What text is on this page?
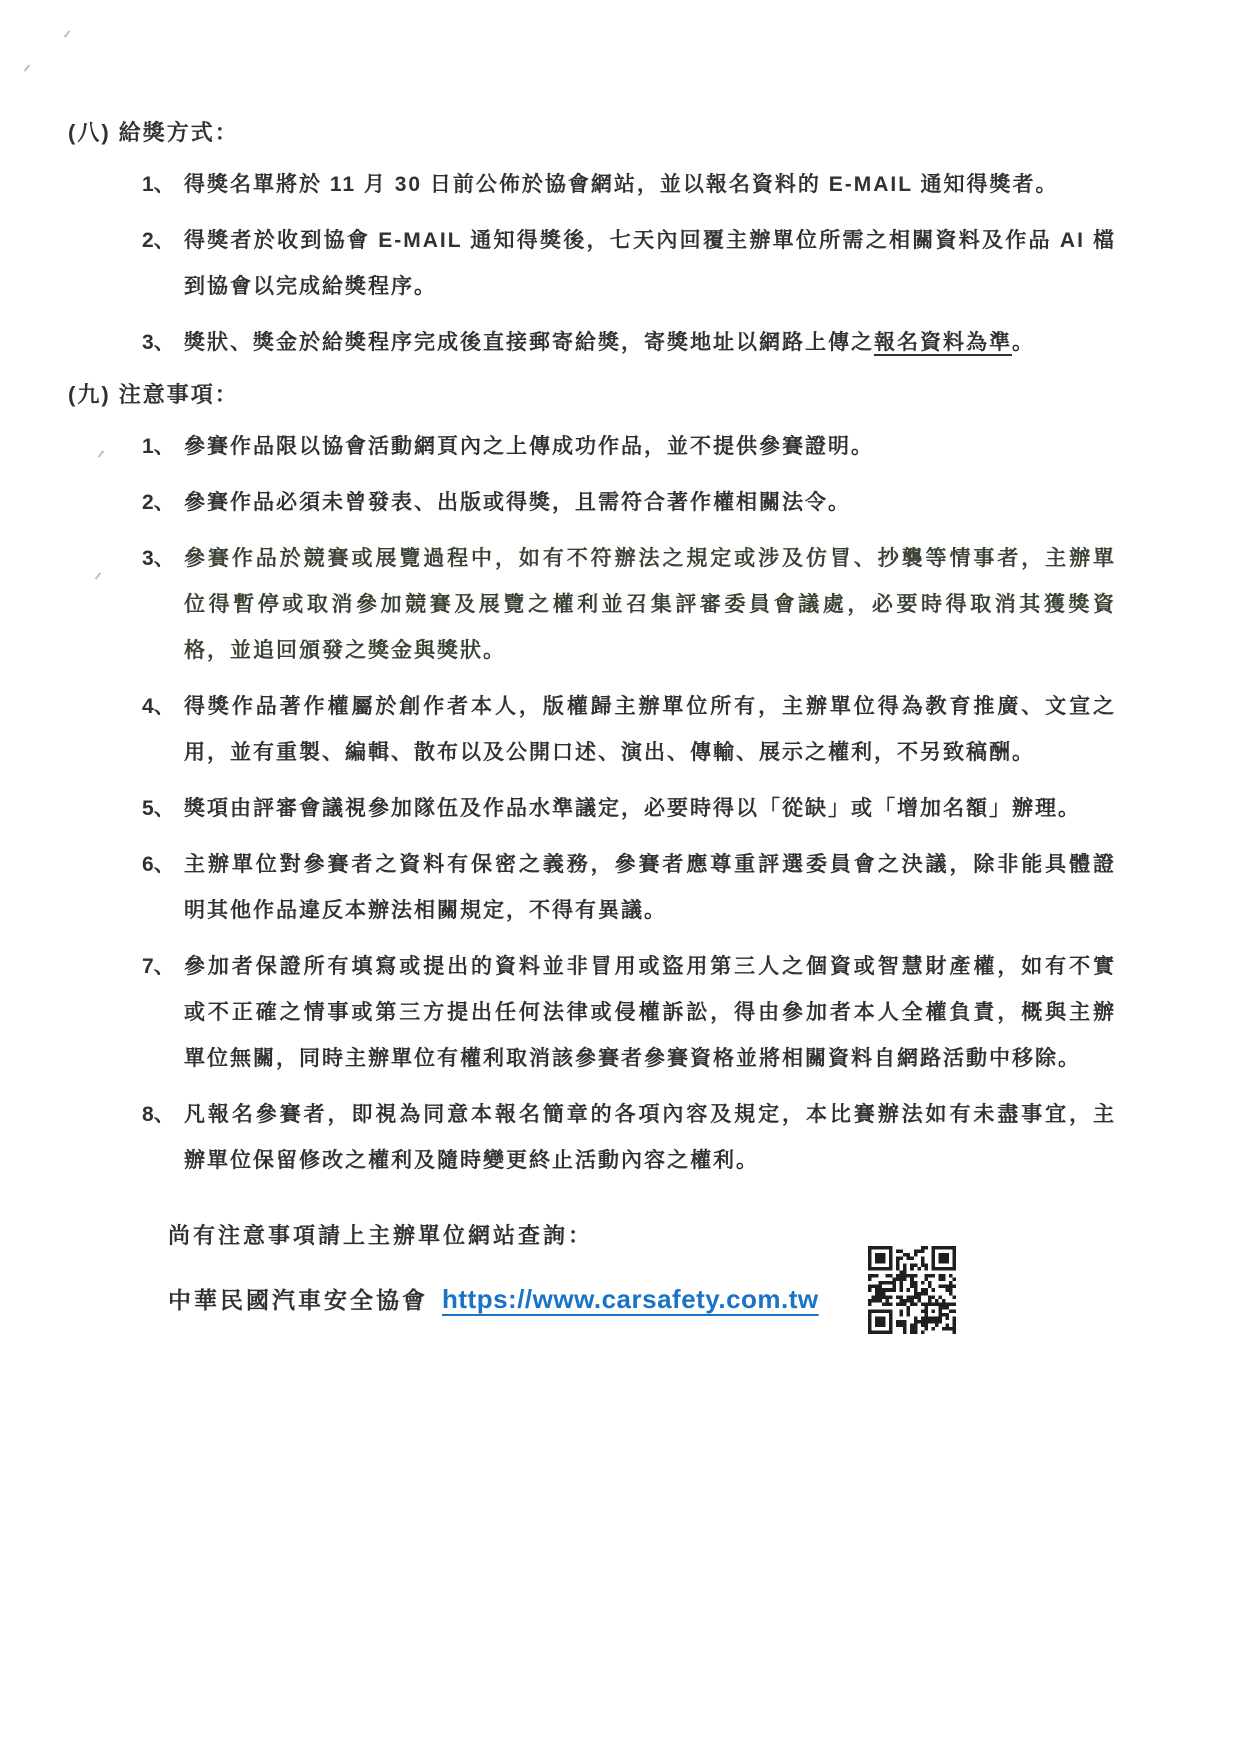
(八) 給獎方式：
1、 得獎名單將於 11 月 30 日前公佈於協會網站，並以報名資料的 E-MAIL 通知得獎者。
2、 得獎者於收到協會 E-MAIL 通知得獎後，七天內回覆主辦單位所需之相關資料及作品 AI 檔
到協會以完成給獎程序。
3、 獎狀、獎金於給獎程序完成後直接郵寄給獎，寄獎地址以網路上傳之報名資料為準。
(九) 注意事項：
1、 參賽作品限以協會活動網頁內之上傳成功作品，並不提供參賽證明。
2、 參賽作品必須未曾發表、出版或得獎，且需符合著作權相關法令。
3、 參賽作品於競賽或展覽過程中，如有不符辦法之規定或涉及仿冒、抄襲等情事者，主辦單
位得暫停或取消參加競賽及展覽之權利並召集評審委員會議處，必要時得取消其獲獎資
格，並追回頒發之獎金與獎狀。
4、 得獎作品著作權屬於創作者本人，版權歸主辦單位所有，主辦單位得為教育推廣、文宣之
用，並有重製、編輯、散布以及公開口述、演出、傳輸、展示之權利，不另致稿酬。
5、 獎項由評審會議視參加隊伍及作品水準議定，必要時得以「從缺」或「增加名額」辦理。
6、 主辦單位對參賽者之資料有保密之義務，參賽者應尊重評選委員會之決議，除非能具體證
明其他作品違反本辦法相關規定，不得有異議。
7、 參加者保證所有填寫或提出的資料並非冒用或盜用第三人之個資或智慧財產權，如有不實
或不正確之情事或第三方提出任何法律或侵權訴訟，得由參加者本人全權負責，概與主辦
單位無關，同時主辦單位有權利取消該參賽者參賽資格並將相關資料自網路活動中移除。
8、 凡報名參賽者，即視為同意本報名簡章的各項內容及規定，本比賽辦法如有未盡事宜，主
辦單位保留修改之權利及隨時變更終止活動內容之權利。
尚有注意事項請上主辦單位網站查詢：
中華民國汽車安全協會 https://www.carsafety.com.tw
